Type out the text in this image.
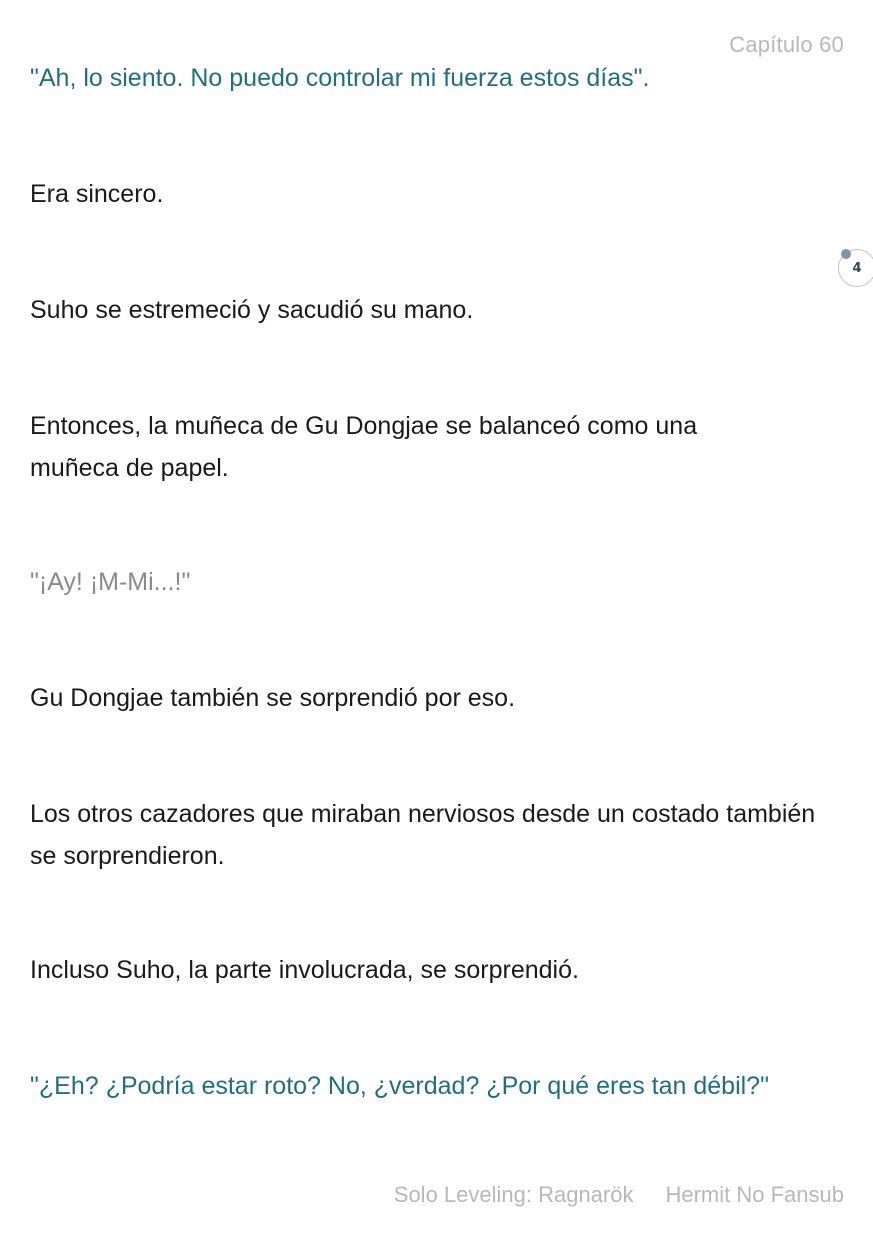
Capítulo 60

"Ah, lo siento. No puedo controlar mi fuerza estos días".

Era sincero.

Suho se estremeció y sacudió su mano.

Entonces, la muñeca de Gu Dongjae se balanceó como una muñeca de papel.

"¡Ay! ¡M-Mi...!"

Gu Dongjae también se sorprendió por eso.

Los otros cazadores que miraban nerviosos desde un costado también se sorprendieron.

Incluso Suho, la parte involucrada, se sorprendió.

"¿Eh? ¿Podría estar roto? No, ¿verdad? ¿Por qué eres tan débil?"

4
Solo Leveling: Ragnarök Hermit No Fansub
